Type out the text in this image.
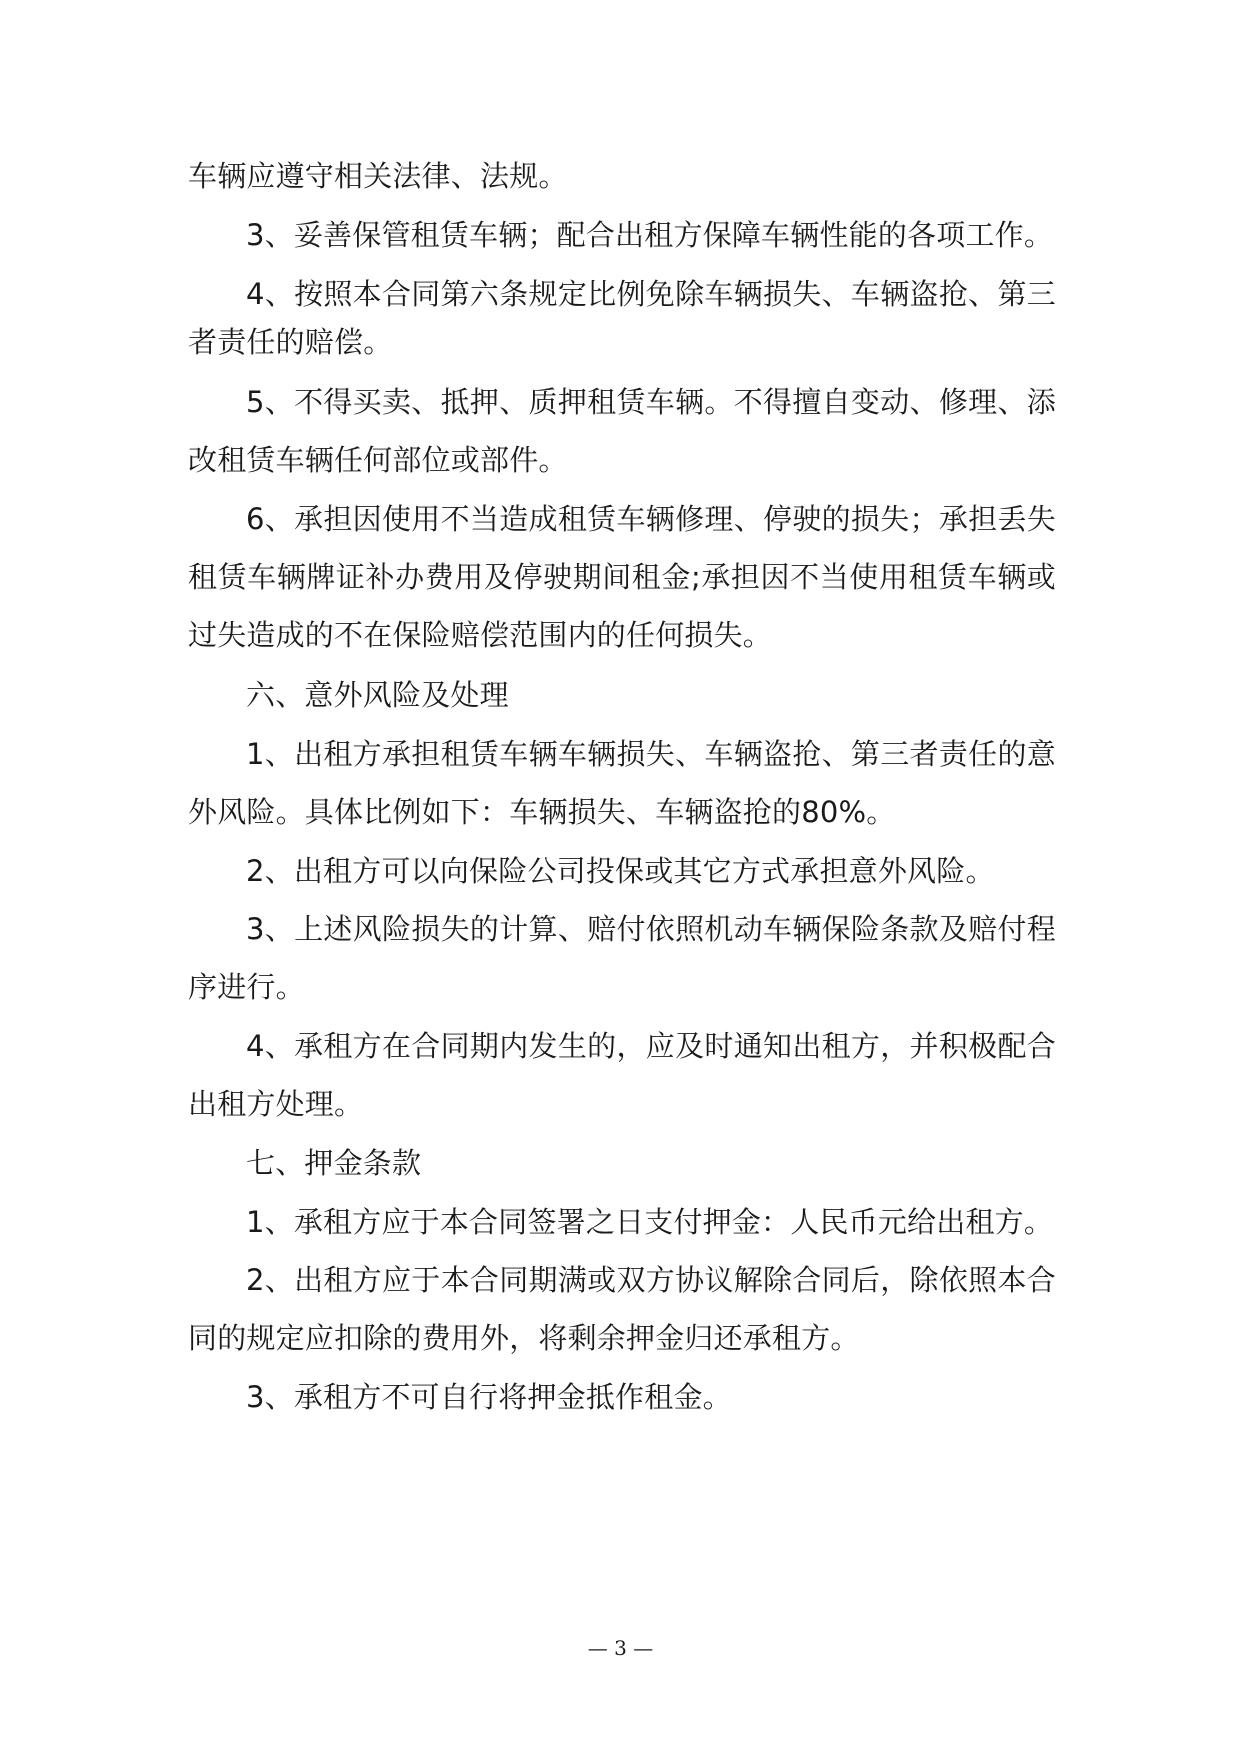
车辆应遵守相关法律、法规。
3、妥善保管租赁车辆；配合出租方保障车辆性能的各项工作。
4、按照本合同第六条规定比例免除车辆损失、车辆盗抢、第三
者责任的赔偿。
5、不得买卖、抵押、质押租赁车辆。不得擅自变动、修理、添
改租赁车辆任何部位或部件。
6、承担因使用不当造成租赁车辆修理、停驶的损失；承担丢失
租赁车辆牌证补办费用及停驶期间租金;承担因不当使用租赁车辆或
过失造成的不在保险赔偿范围内的任何损失。
六、意外风险及处理
1、出租方承担租赁车辆车辆损失、车辆盗抢、第三者责任的意
外风险。具体比例如下：车辆损失、车辆盗抢的80%。
2、出租方可以向保险公司投保或其它方式承担意外风险。
3、上述风险损失的计算、赔付依照机动车辆保险条款及赔付程
序进行。
4、承租方在合同期内发生的，应及时通知出租方，并积极配合
出租方处理。
七、押金条款
1、承租方应于本合同签署之日支付押金：人民币元给出租方。
2、出租方应于本合同期满或双方协议解除合同后，除依照本合
同的规定应扣除的费用外，将剩余押金归还承租方。
3、承租方不可自行将押金抵作租金。
— 3 —
